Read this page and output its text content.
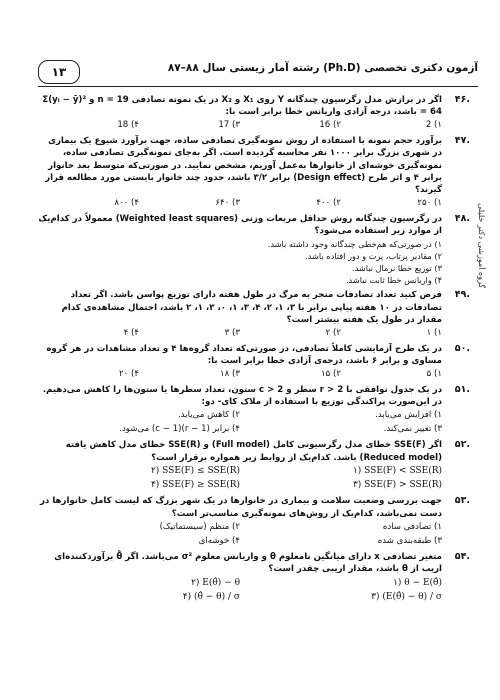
١٣	آزمون دکتری تخصصی (Ph.D) رشته آمار زیستی سال ۸۸–۸۷
گروه آموزشی دکتر خلیلی
۴۶.
اگر در برازش مدل رگرسیون چندگانه Y روی X₁ و X₂ در یک نمونه تصادفی n = 19 و Σ(yᵢ − ȳ)² = 64 باشد، درجه آزادی واریانس خطا برابر است با:
۱) 2
۲) 16
۳) 17
۴) 18
۴۷.
برآورد حجم نمونه با استفاده از روش نمونه‌گیری تصادفی ساده، جهت برآورد شیوع یک بیماری در شهری بزرگ برابر ۱۰۰۰ نفر محاسبه گردیده است. اگر به‌جای نمونه‌گیری تصادفی ساده، نمونه‌گیری خوشه‌ای از خانوارها به‌عمل آوریم، مشخص نمایید. در صورتی‌که متوسط بعد خانوار برابر ۴ و اثر طرح (Design effect) برابر ۳/۲ باشد، حدود چند خانوار بایستی مورد مطالعه قرار گیرند؟
۱) ۲۵۰
۲) ۴۰۰
۳) ۶۴۰
۴) ۸۰۰
۴۸.
در رگرسیون چندگانه روش حداقل مربعات وزنی (Weighted least squares) معمولاً در کدام‌یک از موارد زیر استفاده می‌شود؟
۱) در صورتی‌که هم‌خطی چندگانه وجود داشته باشد.
۲) مقادیر پرتاب، پرت و دور افتاده باشد.
۳) توزیع خطا نرمال نباشد.
۴) واریانس خطا ثابت نباشد.
۴۹.
فرض کنید تعداد تصادفات منجر به مرگ در طول هفته دارای توزیع پواسن باشد. اگر تعداد تصادفات در ۱۰ هفته پیاپی برابر با ۳، ۱، ۲، ۴، ۳، ۱، ۰، ۳، ۱، ۲ باشد، احتمال مشاهده‌ی کدام مقدار در طول یک هفته بیشتر است؟
۱) ۱
۲) ۲
۳) ۳
۴) ۴
۵۰.
در یک طرح آزمایشی کاملاً تصادفی، در صورتی‌که تعداد گروه‌ها ۴ و تعداد مشاهدات در هر گروه مساوی و برابر ۶ باشد، درجه‌ی آزادی خطا برابر است با:
۱) ۵
۲) ۱۵
۳) ۱۸
۴) ۲۰
۵۱.
در یک جدول توافقی با r > 2 سطر و c > 2 ستون، تعداد سطرها یا ستون‌ها را کاهش می‌دهیم. در این‌صورت پراکندگی توزیع با استفاده از ملاک کای- دو:
۱) افزایش می‌یابد.
۲) کاهش می‌یابد.
۳) تغییر نمی‌کند.
۴) برابر (r − 1)(c − 1) می‌شود.
۵۲.
اگر SSE(F) خطای مدل رگرسیونی کامل (Full model) و SSE(R) خطای مدل کاهش یافته (Reduced model) باشد. کدام‌یک از روابط زیر همواره برقرار است؟
۱) SSE(F) < SSE(R)
۲) SSE(F) ≤ SSE(R)
۳) SSE(F) > SSE(R)
۴) SSE(F) ≥ SSE(R)
۵۳.
جهت بررسی وضعیت سلامت و بیماری در خانوارها در یک شهر بزرگ که لیست کامل خانوارها در دست نمی‌باشد، کدام‌یک از روش‌های نمونه‌گیری مناسب‌تر است؟
۱) تصادفی ساده
۲) منظم (سیستماتیک)
۳) طبقه‌بندی شده
۴) خوشه‌ای
۵۴.
متغیر تصادفی x دارای میانگین نامعلوم θ و واریانس معلوم σ² می‌باشد. اگر θ̂ برآوردکننده‌ای اریب از θ باشد، مقدار اریبی چقدر است؟
۱) θ − E(θ̂)
۲) E(θ̂) − θ
۳) (E(θ̂) − θ) / σ
۴) (θ̂ − θ) / σ
